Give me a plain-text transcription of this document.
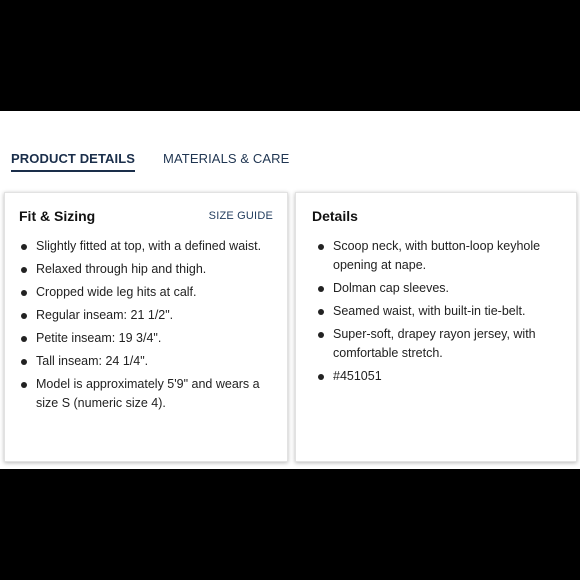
PRODUCT DETAILS MATERIALS & CARE
Fit & Sizing	SIZE GUIDE
Slightly fitted at top, with a defined waist.
Relaxed through hip and thigh.
Cropped wide leg hits at calf.
Regular inseam: 21 1/2".
Petite inseam: 19 3/4".
Tall inseam: 24 1/4".
Model is approximately 5'9" and wears a size S (numeric size 4).
Details
Scoop neck, with button-loop keyhole opening at nape.
Dolman cap sleeves.
Seamed waist, with built-in tie-belt.
Super-soft, drapey rayon jersey, with comfortable stretch.
#451051
